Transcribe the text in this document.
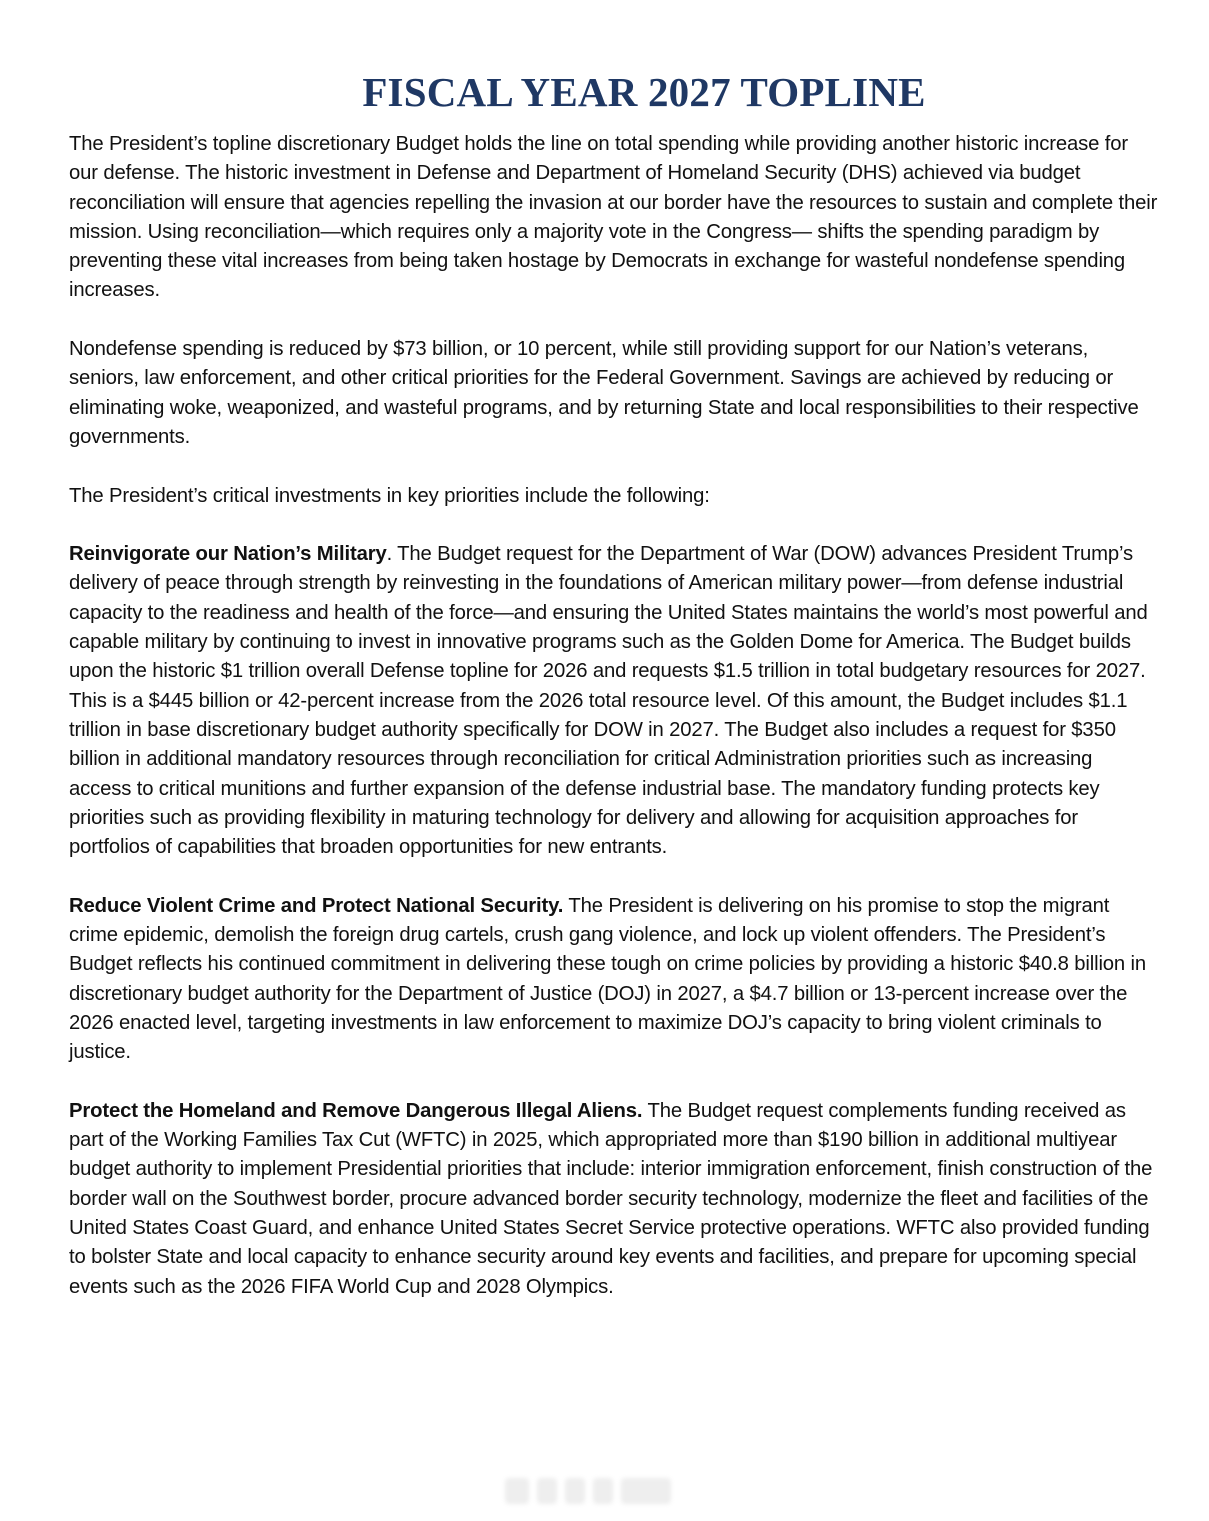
FISCAL YEAR 2027 TOPLINE

The President’s topline discretionary Budget holds the line on total spending while providing another historic increase for our defense. The historic investment in Defense and Department of Homeland Security (DHS) achieved via budget reconciliation will ensure that agencies repelling the invasion at our border have the resources to sustain and complete their mission. Using reconciliation—which requires only a majority vote in the Congress— shifts the spending paradigm by preventing these vital increases from being taken hostage by Democrats in exchange for wasteful nondefense spending increases.

Nondefense spending is reduced by $73 billion, or 10 percent, while still providing support for our Nation’s veterans, seniors, law enforcement, and other critical priorities for the Federal Government. Savings are achieved by reducing or eliminating woke, weaponized, and wasteful programs, and by returning State and local responsibilities to their respective governments.

The President’s critical investments in key priorities include the following:

Reinvigorate our Nation’s Military. The Budget request for the Department of War (DOW) advances President Trump’s delivery of peace through strength by reinvesting in the foundations of American military power—from defense industrial capacity to the readiness and health of the force—and ensuring the United States maintains the world’s most powerful and capable military by continuing to invest in innovative programs such as the Golden Dome for America. The Budget builds upon the historic $1 trillion overall Defense topline for 2026 and requests $1.5 trillion in total budgetary resources for 2027. This is a $445 billion or 42-percent increase from the 2026 total resource level. Of this amount, the Budget includes $1.1 trillion in base discretionary budget authority specifically for DOW in 2027. The Budget also includes a request for $350 billion in additional mandatory resources through reconciliation for critical Administration priorities such as increasing access to critical munitions and further expansion of the defense industrial base. The mandatory funding protects key priorities such as providing flexibility in maturing technology for delivery and allowing for acquisition approaches for portfolios of capabilities that broaden opportunities for new entrants.

Reduce Violent Crime and Protect National Security. The President is delivering on his promise to stop the migrant crime epidemic, demolish the foreign drug cartels, crush gang violence, and lock up violent offenders. The President’s Budget reflects his continued commitment in delivering these tough on crime policies by providing a historic $40.8 billion in discretionary budget authority for the Department of Justice (DOJ) in 2027, a $4.7 billion or 13-percent increase over the 2026 enacted level, targeting investments in law enforcement to maximize DOJ’s capacity to bring violent criminals to justice.

Protect the Homeland and Remove Dangerous Illegal Aliens. The Budget request complements funding received as part of the Working Families Tax Cut (WFTC) in 2025, which appropriated more than $190 billion in additional multiyear budget authority to implement Presidential priorities that include: interior immigration enforcement, finish construction of the border wall on the Southwest border, procure advanced border security technology, modernize the fleet and facilities of the United States Coast Guard, and enhance United States Secret Service protective operations. WFTC also provided funding to bolster State and local capacity to enhance security around key events and facilities, and prepare for upcoming special events such as the 2026 FIFA World Cup and 2028 Olympics.
